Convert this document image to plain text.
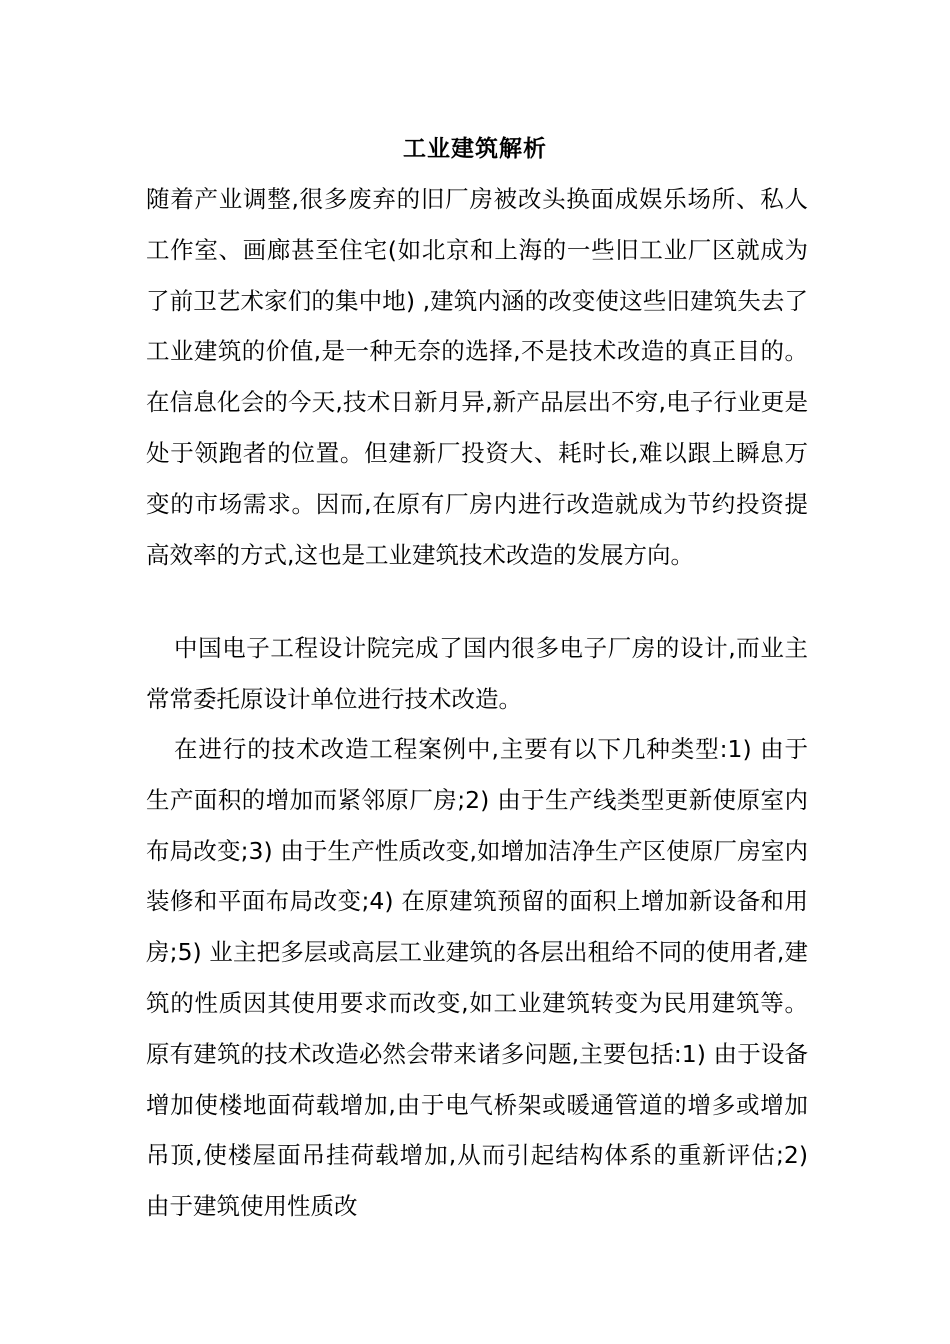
工业建筑解析

随着产业调整,很多废弃的旧厂房被改头换面成娱乐场所、私人工作室、画廊甚至住宅(如北京和上海的一些旧工业厂区就成为了前卫艺术家们的集中地) ,建筑内涵的改变使这些旧建筑失去了工业建筑的价值,是一种无奈的选择,不是技术改造的真正目的。在信息化会的今天,技术日新月异,新产品层出不穷,电子行业更是处于领跑者的位置。但建新厂投资大、耗时长,难以跟上瞬息万变的市场需求。因而,在原有厂房内进行改造就成为节约投资提高效率的方式,这也是工业建筑技术改造的发展方向。

中国电子工程设计院完成了国内很多电子厂房的设计,而业主常常委托原设计单位进行技术改造。

在进行的技术改造工程案例中,主要有以下几种类型:1) 由于生产面积的增加而紧邻原厂房;2) 由于生产线类型更新使原室内布局改变;3) 由于生产性质改变,如增加洁净生产区使原厂房室内装修和平面布局改变;4) 在原建筑预留的面积上增加新设备和用房;5) 业主把多层或高层工业建筑的各层出租给不同的使用者,建筑的性质因其使用要求而改变,如工业建筑转变为民用建筑等。原有建筑的技术改造必然会带来诸多问题,主要包括:1) 由于设备增加使楼地面荷载增加,由于电气桥架或暖通管道的增多或增加吊顶,使楼屋面吊挂荷载增加,从而引起结构体系的重新评估;2) 由于建筑使用性质改
